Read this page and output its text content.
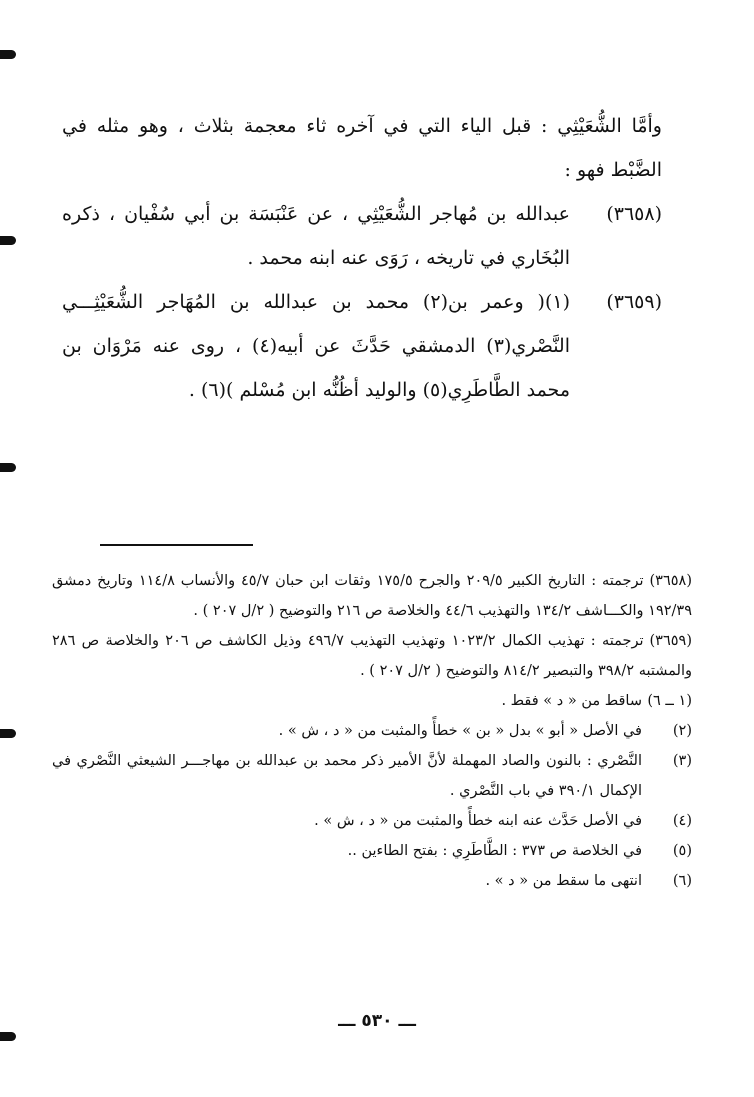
وأمَّا الشُّعَيْثِي : قبل الياء التي في آخره ثاء معجمة بثلاث ، وهو مثله في الضَّبْط فهو :

(٣٦٥٨)
عبدالله بن مُهاجر الشُّعَيْثِي ، عن عَنْبَسَة بن أبي سُفْيان ، ذكره البُخَاري في تاريخه ، رَوَى عنه ابنه محمد .

(٣٦٥٩)
(١)( وعمر بن(٢) محمد بن عبدالله بن المُهَاجر الشُّعَيْثِـــي النَّصْري(٣) الدمشقي حَدَّثَ عن أبيه(٤) ، روى عنه مَرْوَان بن محمد الطَّاطَرِي(٥) والوليد أظُنُّه ابن مُسْلم )(٦) .

(٣٦٥٨)ترجمته : التاريخ الكبير ٢٠٩/٥ والجرح ١٧٥/٥ وثقات ابن حبان ٤٥/٧ والأنساب ١١٤/٨ وتاريخ دمشق ١٩٢/٣٩ والكـــاشف ١٣٤/٢ والتهذيب ٤٤/٦ والخلاصة ص ٢١٦ والتوضيح ( ٢/ل ٢٠٧ ) .

(٣٦٥٩)ترجمته : تهذيب الكمال ١٠٢٣/٢ وتهذيب التهذيب ٤٩٦/٧ وذيل الكاشف ص ٢٠٦ والخلاصة ص ٢٨٦ والمشتبه ٣٩٨/٢ والتبصير ٨١٤/٢ والتوضيح ( ٢/ل ٢٠٧ ) .

(١ ــ ٦)
ساقط من « د » فقط .

(٢)
في الأصل « أبو » بدل « بن » خطأً والمثبت من « د ، ش » .

(٣)
النَّصْري : بالنون والصاد المهملة لأنَّ الأمير ذكر محمد بن عبدالله بن مهاجـــر الشيعثي النَّصْري في الإكمال ٣٩٠/١ في باب النَّصْري .

(٤)
في الأصل حَدَّث عنه ابنه خطأً والمثبت من « د ، ش » .

(٥)
في الخلاصة ص ٣٧٣ : الطَّاطَرِي : بفتح الطاءين ..

(٦)
انتهى ما سقط من « د » .

ـــ ٥٣٠ ـــ
